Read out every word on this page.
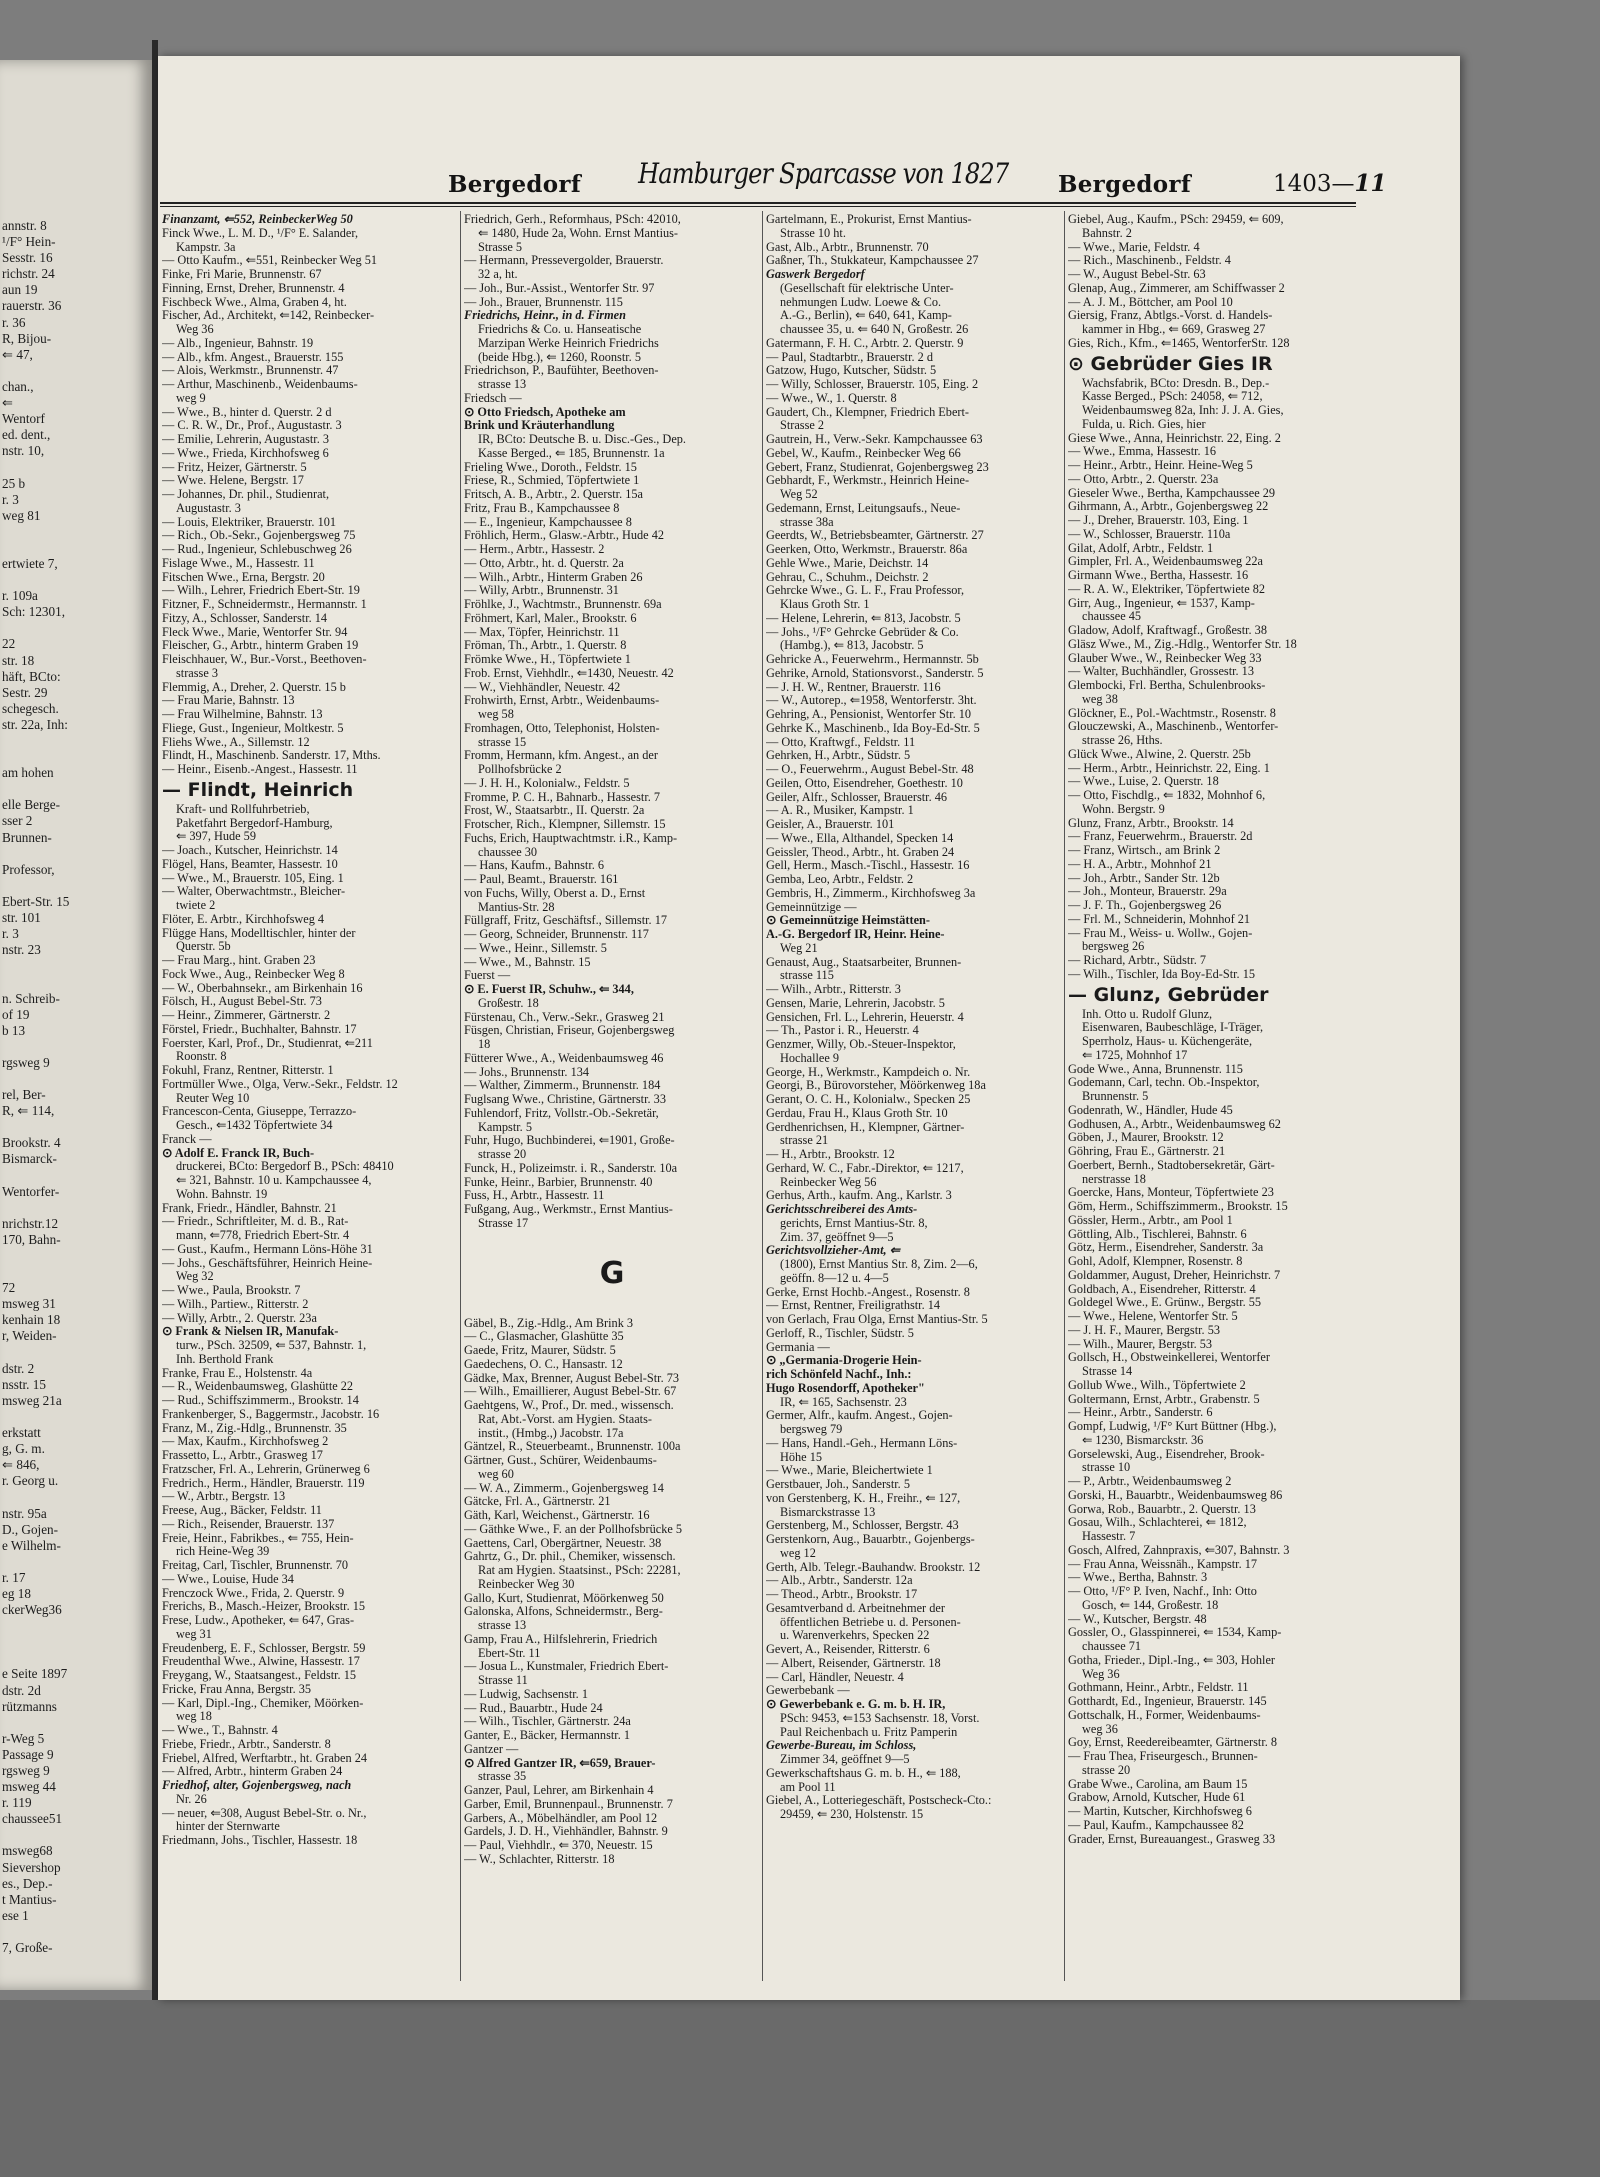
annstr. 8
¹/F° Hein-
Sesstr. 16
richstr. 24
aun 19
rauerstr. 36
r. 36
R, Bijou-
⇐ 47,

chan.,
⇐
Wentorf
ed. dent.,
nstr. 10,

25 b
r. 3
weg 81

ertwiete 7,

r. 109a
Sch: 12301,

22
str. 18
häft, BCto:
Sestr. 29
schegesch.
str. 22a, Inh:

am hohen

elle Berge-
sser 2
Brunnen-

Professor,

Ebert-Str. 15
str. 101
r. 3
nstr. 23

n. Schreib-
of 19
b 13

rgsweg 9

rel, Ber-
R, ⇐ 114,

Brookstr. 4
Bismarck-

Wentorfer-

nrichstr.12
170, Bahn-

72
msweg 31
kenhain 18
r, Weiden-

dstr. 2
nsstr. 15
msweg 21a

erkstatt
g, G. m.
⇐ 846,
r. Georg u.

nstr. 95a
D., Gojen-
e Wilhelm-

r. 17
eg 18
ckerWeg36

e Seite 1897
dstr. 2d
rützmanns

r-Weg 5
Passage 9
rgsweg 9
msweg 44
r. 119
chaussee51

msweg68
Sievershop
es., Dep.-
t Mantius-
ese 1

7, Große-
Bergedorf Hamburger Sparcasse von 1827 Bergedorf	1403—11
Finanzamt, ⇐552, ReinbeckerWeg 50
Finck Wwe., L. M. D., ¹/F° E. Salander,
Kampstr. 3a
— Otto Kaufm., ⇐551, Reinbecker Weg 51
Finke, Fri Marie, Brunnenstr. 67
Finning, Ernst, Dreher, Brunnenstr. 4
Fischbeck Wwe., Alma, Graben 4, ht.
Fischer, Ad., Architekt, ⇐142, Reinbecker-
Weg 36
— Alb., Ingenieur, Bahnstr. 19
— Alb., kfm. Angest., Brauerstr. 155
— Alois, Werkmstr., Brunnenstr. 47
— Arthur, Maschinenb., Weidenbaums-
weg 9
— Wwe., B., hinter d. Querstr. 2 d
— C. R. W., Dr., Prof., Augustastr. 3
— Emilie, Lehrerin, Augustastr. 3
— Wwe., Frieda, Kirchhofsweg 6
— Fritz, Heizer, Gärtnerstr. 5
— Wwe. Helene, Bergstr. 17
— Johannes, Dr. phil., Studienrat,
Augustastr. 3
— Louis, Elektriker, Brauerstr. 101
— Rich., Ob.-Sekr., Gojenbergsweg 75
— Rud., Ingenieur, Schlebuschweg 26
Fislage Wwe., M., Hassestr. 11
Fitschen Wwe., Erna, Bergstr. 20
— Wilh., Lehrer, Friedrich Ebert-Str. 19
Fitzner, F., Schneidermstr., Hermannstr. 1
Fitzy, A., Schlosser, Sanderstr. 14
Fleck Wwe., Marie, Wentorfer Str. 94
Fleischer, G., Arbtr., hinterm Graben 19
Fleischhauer, W., Bur.-Vorst., Beethoven-
strasse 3
Flemmig, A., Dreher, 2. Querstr. 15 b
— Frau Marie, Bahnstr. 13
— Frau Wilhelmine, Bahnstr. 13
Fliege, Gust., Ingenieur, Moltkestr. 5
Fliehs Wwe., A., Sillemstr. 12
Flindt, H., Maschinenb. Sanderstr. 17, Mths.
— Heinr., Eisenb.-Angest., Hassestr. 11
— Flindt, Heinrich
Kraft- und Rollfuhrbetrieb,
Paketfahrt Bergedorf-Hamburg,
⇐ 397, Hude 59
— Joach., Kutscher, Heinrichstr. 14
Flögel, Hans, Beamter, Hassestr. 10
— Wwe., M., Brauerstr. 105, Eing. 1
— Walter, Oberwachtmstr., Bleicher-
twiete 2
Flöter, E. Arbtr., Kirchhofsweg 4
Flügge Hans, Modelltischler, hinter der
Querstr. 5b
— Frau Marg., hint. Graben 23
Fock Wwe., Aug., Reinbecker Weg 8
— W., Oberbahnsekr., am Birkenhain 16
Fölsch, H., August Bebel-Str. 73
— Heinr., Zimmerer, Gärtnerstr. 2
Förstel, Friedr., Buchhalter, Bahnstr. 17
Foerster, Karl, Prof., Dr., Studienrat, ⇐211
Roonstr. 8
Fokuhl, Franz, Rentner, Ritterstr. 1
Fortmüller Wwe., Olga, Verw.-Sekr., Feldstr. 12
Reuter Weg 10
Francescon-Centa, Giuseppe, Terrazzo-
Gesch., ⇐1432 Töpfertwiete 34
Franck —
⊙ Adolf E. Franck IR, Buch-
druckerei, BCto: Bergedorf B., PSch: 48410
⇐ 321, Bahnstr. 10 u. Kampchaussee 4,
Wohn. Bahnstr. 19
Frank, Friedr., Händler, Bahnstr. 21
— Friedr., Schriftleiter, M. d. B., Rat-
mann, ⇐778, Friedrich Ebert-Str. 4
— Gust., Kaufm., Hermann Löns-Höhe 31
— Johs., Geschäftsführer, Heinrich Heine-
Weg 32
— Wwe., Paula, Brookstr. 7
— Wilh., Partiew., Ritterstr. 2
— Willy, Arbtr., 2. Querstr. 23a
⊙ Frank & Nielsen IR, Manufak-
turw., PSch. 32509, ⇐ 537, Bahnstr. 1,
Inh. Berthold Frank
Franke, Frau E., Holstenstr. 4a
— R., Weidenbaumsweg, Glashütte 22
— Rud., Schiffszimmerm., Brookstr. 14
Frankenberger, S., Baggermstr., Jacobstr. 16
Franz, M., Zig.-Hdlg., Brunnenstr. 35
— Max, Kaufm., Kirchhofsweg 2
Frassetto, L., Arbtr., Grasweg 17
Fratzscher, Frl. A., Lehrerin, Grünerweg 6
Fredrich., Herm., Händler, Brauerstr. 119
— W., Arbtr., Bergstr. 13
Freese, Aug., Bäcker, Feldstr. 11
— Rich., Reisender, Brauerstr. 137
Freie, Heinr., Fabrikbes., ⇐ 755, Hein-
rich Heine-Weg 39
Freitag, Carl, Tischler, Brunnenstr. 70
— Wwe., Louise, Hude 34
Frenczock Wwe., Frida, 2. Querstr. 9
Frerichs, B., Masch.-Heizer, Brookstr. 15
Frese, Ludw., Apotheker, ⇐ 647, Gras-
weg 31
Freudenberg, E. F., Schlosser, Bergstr. 59
Freudenthal Wwe., Alwine, Hassestr. 17
Freygang, W., Staatsangest., Feldstr. 15
Fricke, Frau Anna, Bergstr. 35
— Karl, Dipl.-Ing., Chemiker, Möörken-
weg 18
— Wwe., T., Bahnstr. 4
Friebe, Friedr., Arbtr., Sanderstr. 8
Friebel, Alfred, Werftarbtr., ht. Graben 24
— Alfred, Arbtr., hinterm Graben 24
Friedhof, alter, Gojenbergsweg, nach
Nr. 26
— neuer, ⇐308, August Bebel-Str. o. Nr.,
hinter der Sternwarte
Friedmann, Johs., Tischler, Hassestr. 18
Friedrich, Gerh., Reformhaus, PSch: 42010,
⇐ 1480, Hude 2a, Wohn. Ernst Mantius-
Strasse 5
— Hermann, Pressevergolder, Brauerstr.
32 a, ht.
— Joh., Bur.-Assist., Wentorfer Str. 97
— Joh., Brauer, Brunnenstr. 115
Friedrichs, Heinr., in d. Firmen
Friedrichs & Co. u. Hanseatische
Marzipan Werke Heinrich Friedrichs
(beide Hbg.), ⇐ 1260, Roonstr. 5
Friedrichson, P., Baufühter, Beethoven-
strasse 13
Friedsch —
⊙ Otto Friedsch, Apotheke am
Brink und Kräuterhandlung
IR, BCto: Deutsche B. u. Disc.-Ges., Dep.
Kasse Berged., ⇐ 185, Brunnenstr. 1a
Frieling Wwe., Doroth., Feldstr. 15
Friese, R., Schmied, Töpfertwiete 1
Fritsch, A. B., Arbtr., 2. Querstr. 15a
Fritz, Frau B., Kampchaussee 8
— E., Ingenieur, Kampchaussee 8
Fröhlich, Herm., Glasw.-Arbtr., Hude 42
— Herm., Arbtr., Hassestr. 2
— Otto, Arbtr., ht. d. Querstr. 2a
— Wilh., Arbtr., Hinterm Graben 26
— Willy, Arbtr., Brunnenstr. 31
Fröhlke, J., Wachtmstr., Brunnenstr. 69a
Fröhmert, Karl, Maler., Brookstr. 6
— Max, Töpfer, Heinrichstr. 11
Fröman, Th., Arbtr., 1. Querstr. 8
Frömke Wwe., H., Töpfertwiete 1
Frob. Ernst, Viehhdlr., ⇐1430, Neuestr. 42
— W., Viehhändler, Neuestr. 42
Frohwirth, Ernst, Arbtr., Weidenbaums-
weg 58
Fromhagen, Otto, Telephonist, Holsten-
strasse 15
Fromm, Hermann, kfm. Angest., an der
Pollhofsbrücke 2
— J. H. H., Kolonialw., Feldstr. 5
Fromme, P. C. H., Bahnarb., Hassestr. 7
Frost, W., Staatsarbtr., II. Querstr. 2a
Frotscher, Rich., Klempner, Sillemstr. 15
Fuchs, Erich, Hauptwachtmstr. i.R., Kamp-
chaussee 30
— Hans, Kaufm., Bahnstr. 6
— Paul, Beamt., Brauerstr. 161
von Fuchs, Willy, Oberst a. D., Ernst
Mantius-Str. 28
Füllgraff, Fritz, Geschäftsf., Sillemstr. 17
— Georg, Schneider, Brunnenstr. 117
— Wwe., Heinr., Sillemstr. 5
— Wwe., M., Bahnstr. 15
Fuerst —
⊙ E. Fuerst IR, Schuhw., ⇐ 344,
Großestr. 18
Fürstenau, Ch., Verw.-Sekr., Grasweg 21
Füsgen, Christian, Friseur, Gojenbergsweg
18
Fütterer Wwe., A., Weidenbaumsweg 46
— Johs., Brunnenstr. 134
— Walther, Zimmerm., Brunnenstr. 184
Fuglsang Wwe., Christine, Gärtnerstr. 33
Fuhlendorf, Fritz, Vollstr.-Ob.-Sekretär,
Kampstr. 5
Fuhr, Hugo, Buchbinderei, ⇐1901, Große-
strasse 20
Funck, H., Polizeimstr. i. R., Sanderstr. 10a
Funke, Heinr., Barbier, Brunnenstr. 40
Fuss, H., Arbtr., Hassestr. 11
Fußgang, Aug., Werkmstr., Ernst Mantius-
Strasse 17

G

Gäbel, B., Zig.-Hdlg., Am Brink 3
— C., Glasmacher, Glashütte 35
Gaede, Fritz, Maurer, Südstr. 5
Gaedechens, O. C., Hansastr. 12
Gädke, Max, Brenner, August Bebel-Str. 73
— Wilh., Emaillierer, August Bebel-Str. 67
Gaehtgens, W., Prof., Dr. med., wissensch.
Rat, Abt.-Vorst. am Hygien. Staats-
instit., (Hmbg.,) Jacobstr. 17a
Gäntzel, R., Steuerbeamt., Brunnenstr. 100a
Gärtner, Gust., Schürer, Weidenbaums-
weg 60
— W. A., Zimmerm., Gojenbergsweg 14
Gätcke, Frl. A., Gärtnerstr. 21
Gäth, Karl, Weichenst., Gärtnerstr. 16
— Gäthke Wwe., F. an der Pollhofsbrücke 5
Gaettens, Carl, Obergärtner, Neuestr. 38
Gahrtz, G., Dr. phil., Chemiker, wissensch.
Rat am Hygien. Staatsinst., PSch: 22281,
Reinbecker Weg 30
Gallo, Kurt, Studienrat, Möörkenweg 50
Galonska, Alfons, Schneidermstr., Berg-
strasse 13
Gamp, Frau A., Hilfslehrerin, Friedrich
Ebert-Str. 11
— Josua L., Kunstmaler, Friedrich Ebert-
Strasse 11
— Ludwig, Sachsenstr. 1
— Rud., Bauarbtr., Hude 24
— Wilh., Tischler, Gärtnerstr. 24a
Ganter, E., Bäcker, Hermannstr. 1
Gantzer —
⊙ Alfred Gantzer IR, ⇐659, Brauer-
strasse 35
Ganzer, Paul, Lehrer, am Birkenhain 4
Garber, Emil, Brunnenpaul., Brunnenstr. 7
Garbers, A., Möbelhändler, am Pool 12
Gardels, J. D. H., Viehhändler, Bahnstr. 9
— Paul, Viehhdlr., ⇐ 370, Neuestr. 15
— W., Schlachter, Ritterstr. 18
Gartelmann, E., Prokurist, Ernst Mantius-
Strasse 10 ht.
Gast, Alb., Arbtr., Brunnenstr. 70
Gaßner, Th., Stukkateur, Kampchaussee 27
Gaswerk Bergedorf
(Gesellschaft für elektrische Unter-
nehmungen Ludw. Loewe & Co.
A.-G., Berlin), ⇐ 640, 641, Kamp-
chaussee 35, u. ⇐ 640 N, Großestr. 26
Gatermann, F. H. C., Arbtr. 2. Querstr. 9
— Paul, Stadtarbtr., Brauerstr. 2 d
Gatzow, Hugo, Kutscher, Südstr. 5
— Willy, Schlosser, Brauerstr. 105, Eing. 2
— Wwe., W., 1. Querstr. 8
Gaudert, Ch., Klempner, Friedrich Ebert-
Strasse 2
Gautrein, H., Verw.-Sekr. Kampchaussee 63
Gebel, W., Kaufm., Reinbecker Weg 66
Gebert, Franz, Studienrat, Gojenbergsweg 23
Gebhardt, F., Werkmstr., Heinrich Heine-
Weg 52
Gedemann, Ernst, Leitungsaufs., Neue-
strasse 38a
Geerdts, W., Betriebsbeamter, Gärtnerstr. 27
Geerken, Otto, Werkmstr., Brauerstr. 86a
Gehle Wwe., Marie, Deichstr. 14
Gehrau, C., Schuhm., Deichstr. 2
Gehrcke Wwe., G. L. F., Frau Professor,
Klaus Groth Str. 1
— Helene, Lehrerin, ⇐ 813, Jacobstr. 5
— Johs., ¹/F° Gehrcke Gebrüder & Co.
(Hambg.), ⇐ 813, Jacobstr. 5
Gehricke A., Feuerwehrm., Hermannstr. 5b
Gehrike, Arnold, Stationsvorst., Sanderstr. 5
— J. H. W., Rentner, Brauerstr. 116
— W., Autorep., ⇐1958, Wentorferstr. 3ht.
Gehring, A., Pensionist, Wentorfer Str. 10
Gehrke K., Maschinenb., Ida Boy-Ed-Str. 5
— Otto, Kraftwgf., Feldstr. 11
Gehrken, H., Arbtr., Südstr. 5
— O., Feuerwehrm., August Bebel-Str. 48
Geilen, Otto, Eisendreher, Goethestr. 10
Geiler, Alfr., Schlosser, Brauerstr. 46
— A. R., Musiker, Kampstr. 1
Geisler, A., Brauerstr. 101
— Wwe., Ella, Althandel, Specken 14
Geissler, Theod., Arbtr., ht. Graben 24
Gell, Herm., Masch.-Tischl., Hassestr. 16
Gemba, Leo, Arbtr., Feldstr. 2
Gembris, H., Zimmerm., Kirchhofsweg 3a
Gemeinnützige —
⊙ Gemeinnützige Heimstätten-
A.-G. Bergedorf IR, Heinr. Heine-
Weg 21
Genaust, Aug., Staatsarbeiter, Brunnen-
strasse 115
— Wilh., Arbtr., Ritterstr. 3
Gensen, Marie, Lehrerin, Jacobstr. 5
Gensichen, Frl. L., Lehrerin, Heuerstr. 4
— Th., Pastor i. R., Heuerstr. 4
Genzmer, Willy, Ob.-Steuer-Inspektor,
Hochallee 9
George, H., Werkmstr., Kampdeich o. Nr.
Georgi, B., Bürovorsteher, Möörkenweg 18a
Gerant, O. C. H., Kolonialw., Specken 25
Gerdau, Frau H., Klaus Groth Str. 10
Gerdhenrichsen, H., Klempner, Gärtner-
strasse 21
— H., Arbtr., Brookstr. 12
Gerhard, W. C., Fabr.-Direktor, ⇐ 1217,
Reinbecker Weg 56
Gerhus, Arth., kaufm. Ang., Karlstr. 3
Gerichtsschreiberei des Amts-
gerichts, Ernst Mantius-Str. 8,
Zim. 37, geöffnet 9—5
Gerichtsvollzieher-Amt, ⇐
(1800), Ernst Mantius Str. 8, Zim. 2—6,
geöffn. 8—12 u. 4—5
Gerke, Ernst Hochb.-Angest., Rosenstr. 8
— Ernst, Rentner, Freiligrathstr. 14
von Gerlach, Frau Olga, Ernst Mantius-Str. 5
Gerloff, R., Tischler, Südstr. 5
Germania —
⊙ „Germania-Drogerie Hein-
rich Schönfeld Nachf., Inh.:
Hugo Rosendorff, Apotheker"
IR, ⇐ 165, Sachsenstr. 23
Germer, Alfr., kaufm. Angest., Gojen-
bergsweg 79
— Hans, Handl.-Geh., Hermann Löns-
Höhe 15
— Wwe., Marie, Bleichertwiete 1
Gerstbauer, Joh., Sanderstr. 5
von Gerstenberg, K. H., Freihr., ⇐ 127,
Bismarckstrasse 13
Gerstenberg, M., Schlosser, Bergstr. 43
Gerstenkorn, Aug., Bauarbtr., Gojenbergs-
weg 12
Gerth, Alb. Telegr.-Bauhandw. Brookstr. 12
— Alb., Arbtr., Sanderstr. 12a
— Theod., Arbtr., Brookstr. 17
Gesamtverband d. Arbeitnehmer der
öffentlichen Betriebe u. d. Personen-
u. Warenverkehrs, Specken 22
Gevert, A., Reisender, Ritterstr. 6
— Albert, Reisender, Gärtnerstr. 18
— Carl, Händler, Neuestr. 4
Gewerbebank —
⊙ Gewerbebank e. G. m. b. H. IR,
PSch: 9453, ⇐153 Sachsenstr. 18, Vorst.
Paul Reichenbach u. Fritz Pamperin
Gewerbe-Bureau, im Schloss,
Zimmer 34, geöffnet 9—5
Gewerkschaftshaus G. m. b. H., ⇐ 188,
am Pool 11
Giebel, A., Lotteriegeschäft, Postscheck-Cto.:
29459, ⇐ 230, Holstenstr. 15
Giebel, Aug., Kaufm., PSch: 29459, ⇐ 609,
Bahnstr. 2
— Wwe., Marie, Feldstr. 4
— Rich., Maschinenb., Feldstr. 4
— W., August Bebel-Str. 63
Glenap, Aug., Zimmerer, am Schiffwasser 2
— A. J. M., Böttcher, am Pool 10
Giersig, Franz, Abtlgs.-Vorst. d. Handels-
kammer in Hbg., ⇐ 669, Grasweg 27
Gies, Rich., Kfm., ⇐1465, WentorferStr. 128
⊙ Gebrüder Gies IR
Wachsfabrik, BCto: Dresdn. B., Dep.-
Kasse Berged., PSch: 24058, ⇐ 712,
Weidenbaumsweg 82a, Inh: J. J. A. Gies,
Fulda, u. Rich. Gies, hier
Giese Wwe., Anna, Heinrichstr. 22, Eing. 2
— Wwe., Emma, Hassestr. 16
— Heinr., Arbtr., Heinr. Heine-Weg 5
— Otto, Arbtr., 2. Querstr. 23a
Gieseler Wwe., Bertha, Kampchaussee 29
Gihrmann, A., Arbtr., Gojenbergsweg 22
— J., Dreher, Brauerstr. 103, Eing. 1
— W., Schlosser, Brauerstr. 110a
Gilat, Adolf, Arbtr., Feldstr. 1
Gimpler, Frl. A., Weidenbaumsweg 22a
Girmann Wwe., Bertha, Hassestr. 16
— R. A. W., Elektriker, Töpfertwiete 82
Girr, Aug., Ingenieur, ⇐ 1537, Kamp-
chaussee 45
Gladow, Adolf, Kraftwagf., Großestr. 38
Gläsz Wwe., M., Zig.-Hdlg., Wentorfer Str. 18
Glauber Wwe., W., Reinbecker Weg 33
— Walter, Buchhändler, Grossestr. 13
Glembocki, Frl. Bertha, Schulenbrooks-
weg 38
Glöckner, E., Pol.-Wachtmstr., Rosenstr. 8
Glouczewski, A., Maschinenb., Wentorfer-
strasse 26, Hths.
Glück Wwe., Alwine, 2. Querstr. 25b
— Herm., Arbtr., Heinrichstr. 22, Eing. 1
— Wwe., Luise, 2. Querstr. 18
— Otto, Fischdlg., ⇐ 1832, Mohnhof 6,
Wohn. Bergstr. 9
Glunz, Franz, Arbtr., Brookstr. 14
— Franz, Feuerwehrm., Brauerstr. 2d
— Franz, Wirtsch., am Brink 2
— H. A., Arbtr., Mohnhof 21
— Joh., Arbtr., Sander Str. 12b
— Joh., Monteur, Brauerstr. 29a
— J. F. Th., Gojenbergsweg 26
— Frl. M., Schneiderin, Mohnhof 21
— Frau M., Weiss- u. Wollw., Gojen-
bergsweg 26
— Richard, Arbtr., Südstr. 7
— Wilh., Tischler, Ida Boy-Ed-Str. 15
— Glunz, Gebrüder
Inh. Otto u. Rudolf Glunz,
Eisenwaren, Baubeschläge, I-Träger,
Sperrholz, Haus- u. Küchengeräte,
⇐ 1725, Mohnhof 17
Gode Wwe., Anna, Brunnenstr. 115
Godemann, Carl, techn. Ob.-Inspektor,
Brunnenstr. 5
Godenrath, W., Händler, Hude 45
Godhusen, A., Arbtr., Weidenbaumsweg 62
Göben, J., Maurer, Brookstr. 12
Göhring, Frau E., Gärtnerstr. 21
Goerbert, Bernh., Stadtobersekretär, Gärt-
nerstrasse 18
Goercke, Hans, Monteur, Töpfertwiete 23
Göm, Herm., Schiffszimmerm., Brookstr. 15
Gössler, Herm., Arbtr., am Pool 1
Göttling, Alb., Tischlerei, Bahnstr. 6
Götz, Herm., Eisendreher, Sanderstr. 3a
Gohl, Adolf, Klempner, Rosenstr. 8
Goldammer, August, Dreher, Heinrichstr. 7
Goldbach, A., Eisendreher, Ritterstr. 4
Goldegel Wwe., E. Grünw., Bergstr. 55
— Wwe., Helene, Wentorfer Str. 5
— J. H. F., Maurer, Bergstr. 53
— Wilh., Maurer, Bergstr. 53
Gollsch, H., Obstweinkellerei, Wentorfer
Strasse 14
Gollub Wwe., Wilh., Töpfertwiete 2
Goltermann, Ernst, Arbtr., Grabenstr. 5
— Heinr., Arbtr., Sanderstr. 6
Gompf, Ludwig, ¹/F° Kurt Büttner (Hbg.),
⇐ 1230, Bismarckstr. 36
Gorselewski, Aug., Eisendreher, Brook-
strasse 10
— P., Arbtr., Weidenbaumsweg 2
Gorski, H., Bauarbtr., Weidenbaumsweg 86
Gorwa, Rob., Bauarbtr., 2. Querstr. 13
Gosau, Wilh., Schlachterei, ⇐ 1812,
Hassestr. 7
Gosch, Alfred, Zahnpraxis, ⇐307, Bahnstr. 3
— Frau Anna, Weissnäh., Kampstr. 17
— Wwe., Bertha, Bahnstr. 3
— Otto, ¹/F° P. Iven, Nachf., Inh: Otto
Gosch, ⇐ 144, Großestr. 18
— W., Kutscher, Bergstr. 48
Gossler, O., Glasspinnerei, ⇐ 1534, Kamp-
chaussee 71
Gotha, Frieder., Dipl.-Ing., ⇐ 303, Hohler
Weg 36
Gothmann, Heinr., Arbtr., Feldstr. 11
Gotthardt, Ed., Ingenieur, Brauerstr. 145
Gottschalk, H., Former, Weidenbaums-
weg 36
Goy, Ernst, Reedereibeamter, Gärtnerstr. 8
— Frau Thea, Friseurgesch., Brunnen-
strasse 20
Grabe Wwe., Carolina, am Baum 15
Grabow, Arnold, Kutscher, Hude 61
— Martin, Kutscher, Kirchhofsweg 6
— Paul, Kaufm., Kampchaussee 82
Grader, Ernst, Bureauangest., Grasweg 33
